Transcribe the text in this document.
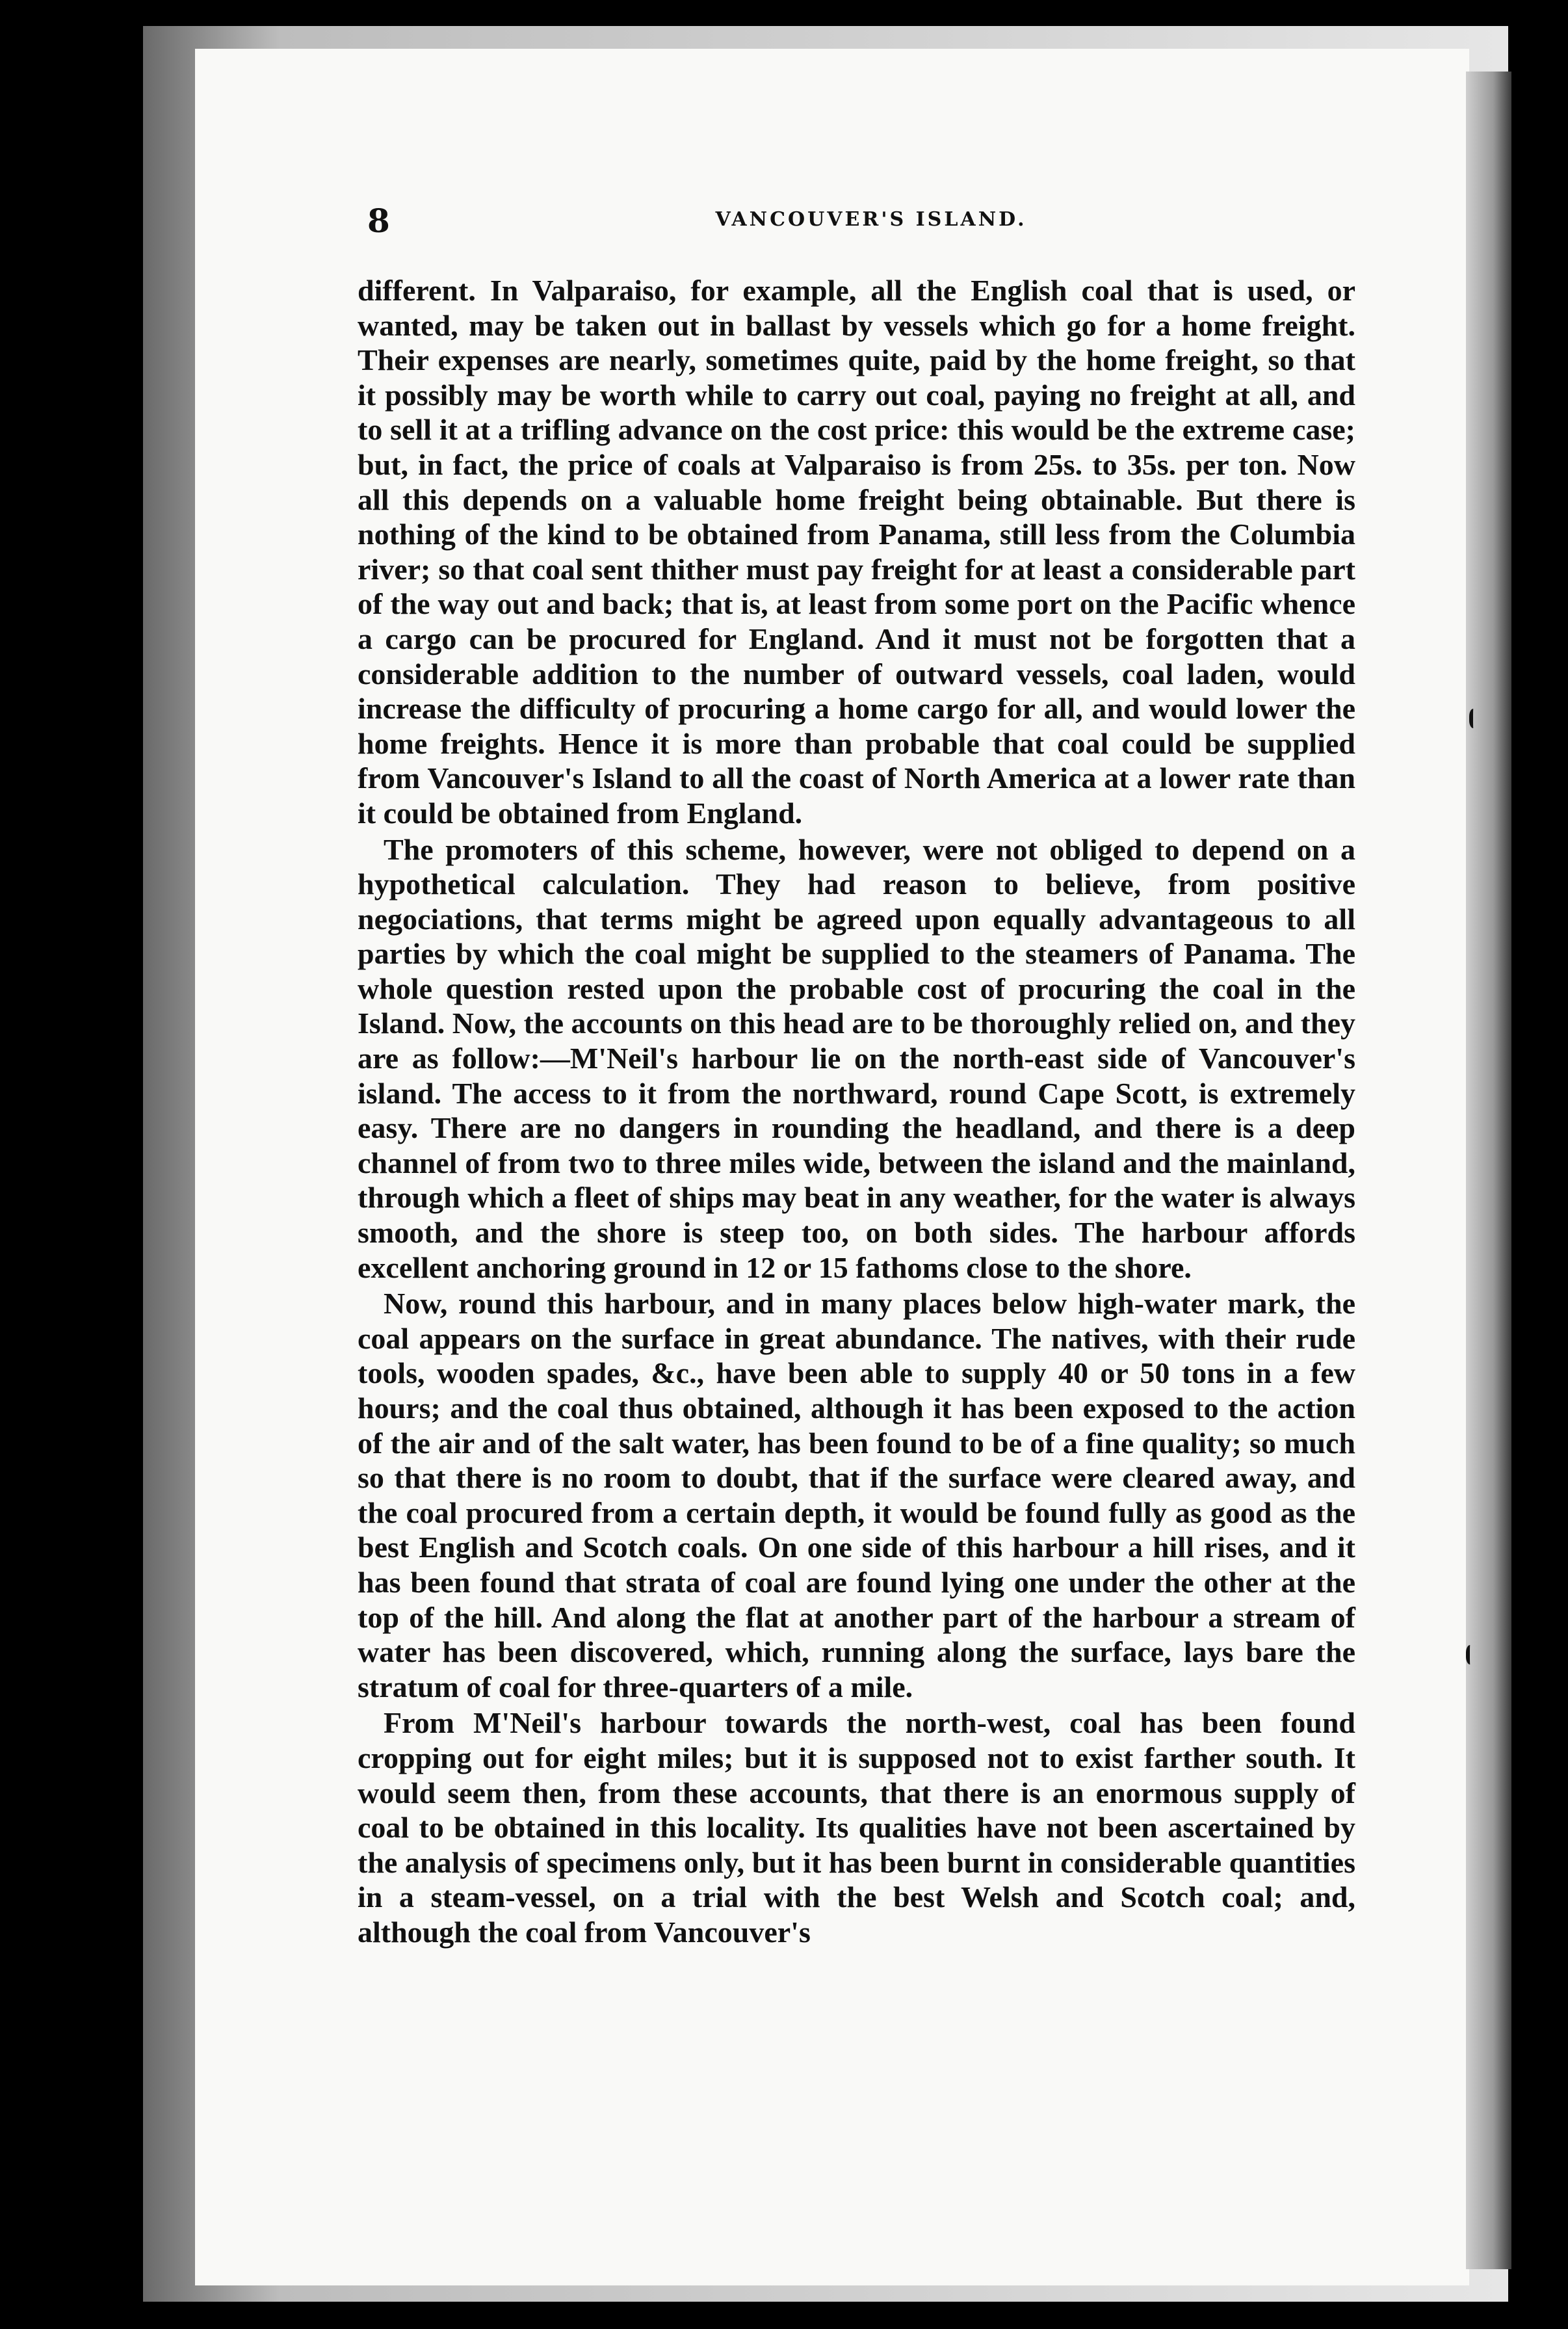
8	VANCOUVER'S ISLAND.

different. In Valparaiso, for example, all the English coal that is used, or wanted, may be taken out in ballast by vessels which go for a home freight. Their expenses are nearly, sometimes quite, paid by the home freight, so that it possibly may be worth while to carry out coal, paying no freight at all, and to sell it at a trifling advance on the cost price: this would be the extreme case; but, in fact, the price of coals at Valparaiso is from 25s. to 35s. per ton. Now all this depends on a valuable home freight being obtainable. But there is nothing of the kind to be obtained from Panama, still less from the Columbia river; so that coal sent thither must pay freight for at least a considerable part of the way out and back; that is, at least from some port on the Pacific whence a cargo can be procured for England. And it must not be forgotten that a considerable addition to the number of outward vessels, coal laden, would increase the difficulty of procuring a home cargo for all, and would lower the home freights. Hence it is more than probable that coal could be supplied from Vancouver's Island to all the coast of North America at a lower rate than it could be obtained from England.

The promoters of this scheme, however, were not obliged to depend on a hypothetical calculation. They had reason to believe, from positive negociations, that terms might be agreed upon equally advantageous to all parties by which the coal might be supplied to the steamers of Panama. The whole question rested upon the probable cost of procuring the coal in the Island. Now, the accounts on this head are to be thoroughly relied on, and they are as follow:—M'Neil's harbour lie on the north-east side of Vancouver's island. The access to it from the northward, round Cape Scott, is extremely easy. There are no dangers in rounding the headland, and there is a deep channel of from two to three miles wide, between the island and the mainland, through which a fleet of ships may beat in any weather, for the water is always smooth, and the shore is steep too, on both sides. The harbour affords excellent anchoring ground in 12 or 15 fathoms close to the shore.

Now, round this harbour, and in many places below high-water mark, the coal appears on the surface in great abundance. The natives, with their rude tools, wooden spades, &c., have been able to supply 40 or 50 tons in a few hours; and the coal thus obtained, although it has been exposed to the action of the air and of the salt water, has been found to be of a fine quality; so much so that there is no room to doubt, that if the surface were cleared away, and the coal procured from a certain depth, it would be found fully as good as the best English and Scotch coals. On one side of this harbour a hill rises, and it has been found that strata of coal are found lying one under the other at the top of the hill. And along the flat at another part of the harbour a stream of water has been discovered, which, running along the surface, lays bare the stratum of coal for three-quarters of a mile.

From M'Neil's harbour towards the north-west, coal has been found cropping out for eight miles; but it is supposed not to exist farther south. It would seem then, from these accounts, that there is an enormous supply of coal to be obtained in this locality. Its qualities have not been ascertained by the analysis of specimens only, but it has been burnt in considerable quantities in a steam-vessel, on a trial with the best Welsh and Scotch coal; and, although the coal from Vancouver's
